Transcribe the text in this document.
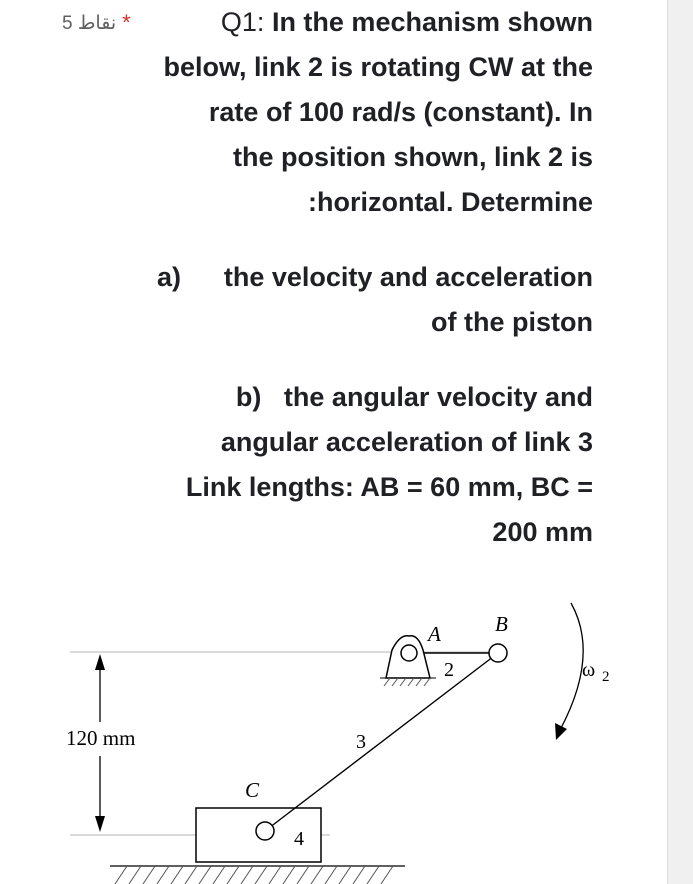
5 نقاط *	Q1: In the mechanism shown
below, link 2 is rotating CW at the
rate of 100 rad/s (constant). In
the position shown, link 2 is
:horizontal. Determine
a) the velocity and acceleration
of the piston
b) the angular velocity and
angular acceleration of link 3
Link lengths: AB = 60 mm, BC =
200 mm
120 mm
A	B
C
2
3
4
ω 2
